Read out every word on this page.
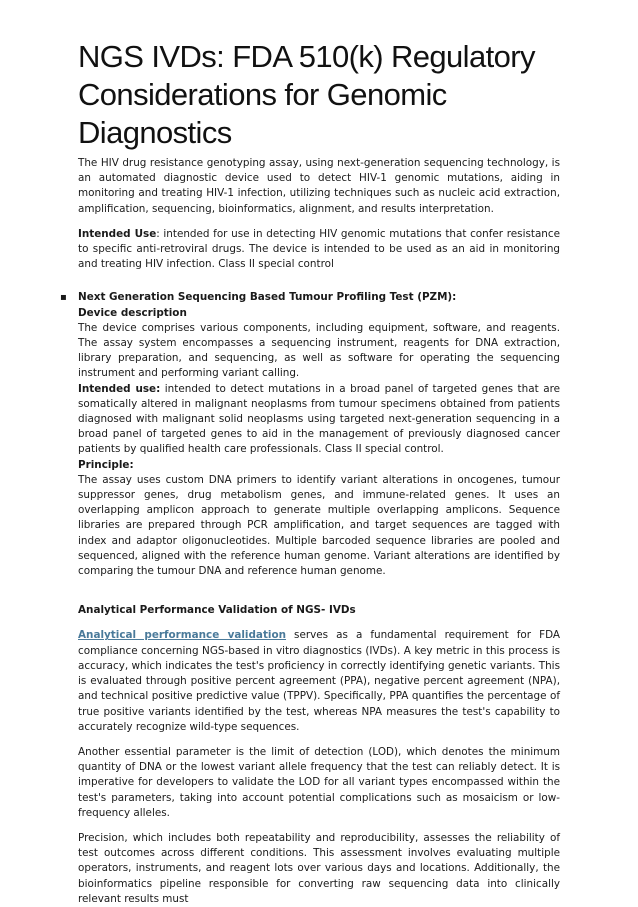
NGS IVDs: FDA 510(k) Regulatory Considerations for Genomic Diagnostics

The HIV drug resistance genotyping assay, using next-generation sequencing technology, is an automated diagnostic device used to detect HIV-1 genomic mutations, aiding in monitoring and treating HIV-1 infection, utilizing techniques such as nucleic acid extraction, amplification, sequencing, bioinformatics, alignment, and results interpretation.

Intended Use: intended for use in detecting HIV genomic mutations that confer resistance to specific anti-retroviral drugs. The device is intended to be used as an aid in monitoring and treating HIV infection. Class II special control

▪ Next Generation Sequencing Based Tumour Profiling Test (PZM):

Device description

The device comprises various components, including equipment, software, and reagents. The assay system encompasses a sequencing instrument, reagents for DNA extraction, library preparation, and sequencing, as well as software for operating the sequencing instrument and performing variant calling.

Intended use: intended to detect mutations in a broad panel of targeted genes that are somatically altered in malignant neoplasms from tumour specimens obtained from patients diagnosed with malignant solid neoplasms using targeted next-generation sequencing in a broad panel of targeted genes to aid in the management of previously diagnosed cancer patients by qualified health care professionals. Class II special control.

Principle:

The assay uses custom DNA primers to identify variant alterations in oncogenes, tumour suppressor genes, drug metabolism genes, and immune-related genes. It uses an overlapping amplicon approach to generate multiple overlapping amplicons. Sequence libraries are prepared through PCR amplification, and target sequences are tagged with index and adaptor oligonucleotides. Multiple barcoded sequence libraries are pooled and sequenced, aligned with the reference human genome. Variant alterations are identified by comparing the tumour DNA and reference human genome.

Analytical Performance Validation of NGS- IVDs

Analytical performance validation serves as a fundamental requirement for FDA compliance concerning NGS-based in vitro diagnostics (IVDs). A key metric in this process is accuracy, which indicates the test's proficiency in correctly identifying genetic variants. This is evaluated through positive percent agreement (PPA), negative percent agreement (NPA), and technical positive predictive value (TPPV). Specifically, PPA quantifies the percentage of true positive variants identified by the test, whereas NPA measures the test's capability to accurately recognize wild-type sequences.

Another essential parameter is the limit of detection (LOD), which denotes the minimum quantity of DNA or the lowest variant allele frequency that the test can reliably detect. It is imperative for developers to validate the LOD for all variant types encompassed within the test's parameters, taking into account potential complications such as mosaicism or low-frequency alleles.

Precision, which includes both repeatability and reproducibility, assesses the reliability of test outcomes across different conditions. This assessment involves evaluating multiple operators, instruments, and reagent lots over various days and locations. Additionally, the bioinformatics pipeline responsible for converting raw sequencing data into clinically relevant results must
